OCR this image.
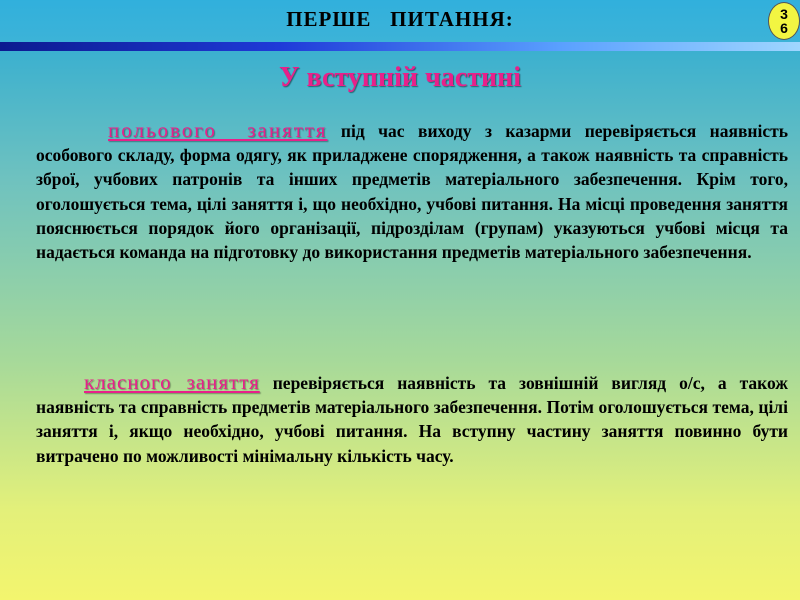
ПЕРШЕ   ПИТАННЯ:	3
6
У вступній частині

польового заняття під час виходу з казарми перевіряється наявність особового складу, форма одягу, як приладжене спорядження, а також наявність та справність зброї, учбових патронів та інших предметів матеріального забезпечення. Крім того, оголошується тема, цілі заняття і, що необхідно, учбові питання. На місці проведення заняття пояснюється порядок його організації, підрозділам (групам) указуються учбові місця та надається команда на підготовку до використання предметів матеріального забезпечення.

класного заняття перевіряється наявність та зовнішній вигляд о/с, а також наявність та справність предметів матеріального забезпечення. Потім оголошується тема, цілі заняття і, якщо необхідно, учбові питання. На вступну частину заняття повинно бути витрачено по можливості мінімальну кількість часу.
